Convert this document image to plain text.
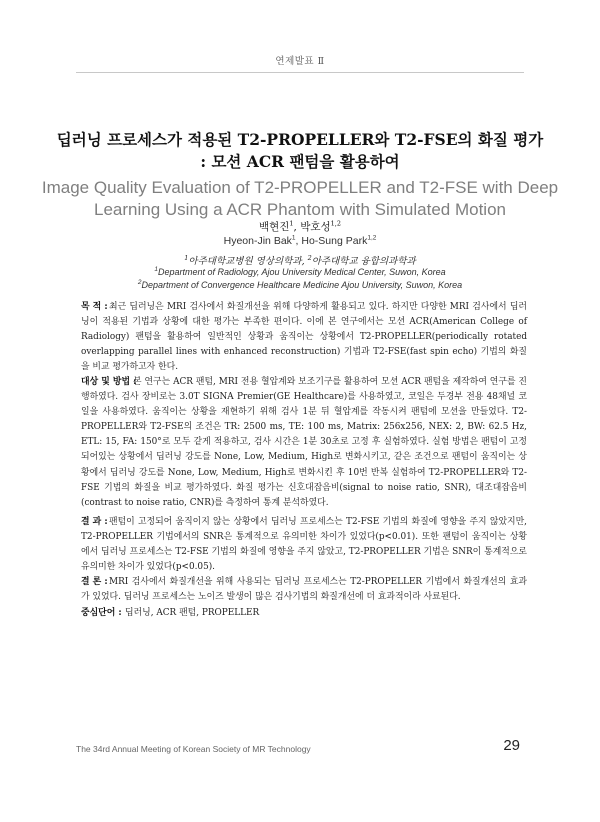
연제발표 Ⅱ
딥러닝 프로세스가 적용된 T2-PROPELLER와 T2-FSE의 화질 평가
: 모션 ACR 팬텀을 활용하여
Image Quality Evaluation of T2-PROPELLER and T2-FSE with Deep Learning Using a ACR Phantom with Simulated Motion
백현진$^1$, 박호성$^{1,2}$
Hyeon-Jin Bak$^1$, Ho-Sung Park$^{1,2}$
$^1$아주대학교병원 영상의학과, $^2$아주대학교 융합의과학과
$^1$Department of Radiology, Ajou University Medical Center, Suwon, Korea
$^2$Department of Convergence Healthcare Medicine Ajou University, Suwon, Korea
목 적 : 최근 딥러닝은 MRI 검사에서 화질개선을 위해 다양하게 활용되고 있다. 하지만 다양한 MRI 검사에서 딥러닝이 적용된 기법과 상황에 대한 평가는 부족한 편이다. 이에 본 연구에서는 모션 ACR(American College of Radiology) 팬텀을 활용하여 일반적인 상황과 움직이는 상황에서 T2-PROPELLER(periodically rotated overlapping parallel lines with enhanced reconstruction) 기법과 T2-FSE(fast spin echo) 기법의 화질을 비교 평가하고자 한다.

대상 및 방법 :

본 연구는 ACR 팬텀, MRI 전용 혈압계와 보조기구를 활용하여 모션 ACR 팬텀을 제작하여 연구를 진행하였다. 검사 장비로는 3.0T SIGNA Premier(GE Healthcare)를 사용하였고, 코일은 두경부 전용 48채널 코일을 사용하였다. 움직이는 상황을 재현하기 위해 검사 1분 뒤 혈압계를 작동시켜 팬텀에 모션을 만들었다. T2-PROPELLER와 T2-FSE의 조건은 TR: 2500 ms, TE: 100 ms, Matrix: 256x256, NEX: 2, BW: 62.5 Hz, ETL: 15, FA: 150°로 모두 같게 적용하고, 검사 시간은 1분 30초로 고정 후 실험하였다. 실험 방법은 팬텀이 고정되어있는 상황에서 딥러닝 강도를 None, Low, Medium, High로 변화시키고, 같은 조건으로 팬텀이 움직이는 상황에서 딥러닝 강도를 None, Low, Medium, High로 변화시킨 후 10번 반복 실험하여 T2-PROPELLER와 T2-FSE 기법의 화질을 비교 평가하였다. 화질 평가는 신호대잡음비(signal to noise ratio, SNR), 대조대잡음비(contrast to noise ratio, CNR)를 측정하여 통계 분석하였다.

결 과 : 팬텀이 고정되어 움직이지 않는 상황에서 딥러닝 프로세스는 T2-FSE 기법의 화질에 영향을 주지 않았지만, T2-PROPELLER 기법에서의 SNR은 통계적으로 유의미한 차이가 있었다(p<0.01). 또한 팬텀이 움직이는 상황에서 딥러닝 프로세스는 T2-FSE 기법의 화질에 영향을 주지 않았고, T2-PROPELLER 기법은 SNR이 통계적으로 유의미한 차이가 있었다(p<0.05).

결 론 : MRI 검사에서 화질개선을 위해 사용되는 딥러닝 프로세스는 T2-PROPELLER 기법에서 화질개선의 효과가 있었다. 딥러닝 프로세스는 노이즈 발생이 많은 검사기법의 화질개선에 더 효과적이라 사료된다.

중심단어 : 딥러닝, ACR 팬텀, PROPELLER

The 34rd Annual Meeting of Korean Society of MR Technology	29
